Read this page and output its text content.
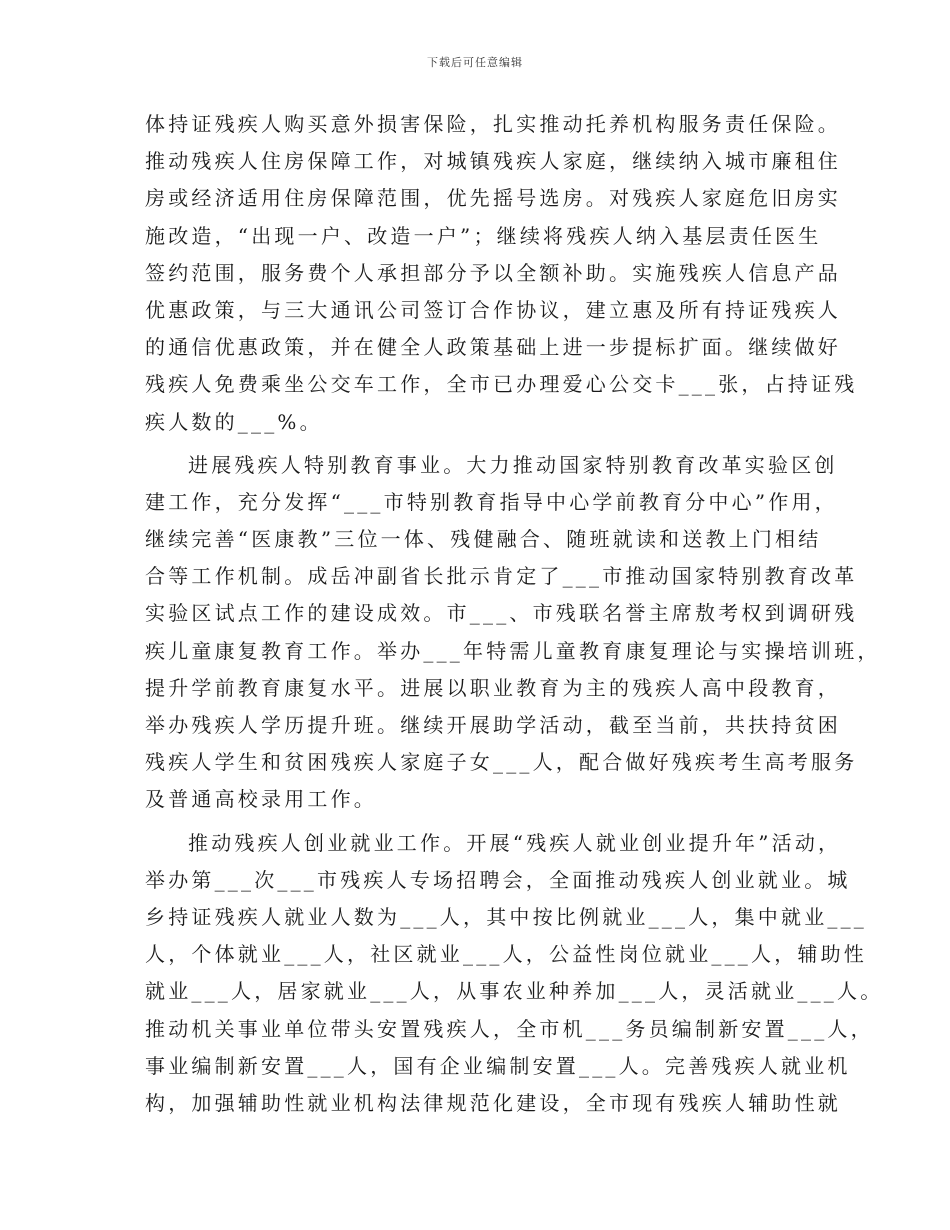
下载后可任意编辑
体持证残疾人购买意外损害保险，扎实推动托养机构服务责任保险。
推动残疾人住房保障工作，对城镇残疾人家庭，继续纳入城市廉租住
房或经济适用住房保障范围，优先摇号选房。对残疾人家庭危旧房实
施改造，“出现一户、改造一户”；继续将残疾人纳入基层责任医生
签约范围，服务费个人承担部分予以全额补助。实施残疾人信息产品
优惠政策，与三大通讯公司签订合作协议，建立惠及所有持证残疾人
的通信优惠政策，并在健全人政策基础上进一步提标扩面。继续做好
残疾人免费乘坐公交车工作，全市已办理爱心公交卡___张，占持证残
疾人数的___%。
进展残疾人特别教育事业。大力推动国家特别教育改革实验区创
建工作，充分发挥“___市特别教育指导中心学前教育分中心”作用，
继续完善“医康教”三位一体、残健融合、随班就读和送教上门相结
合等工作机制。成岳冲副省长批示肯定了___市推动国家特别教育改革
实验区试点工作的建设成效。市___、市残联名誉主席敖考权到调研残
疾儿童康复教育工作。举办___年特需儿童教育康复理论与实操培训班，
提升学前教育康复水平。进展以职业教育为主的残疾人高中段教育，
举办残疾人学历提升班。继续开展助学活动，截至当前，共扶持贫困
残疾人学生和贫困残疾人家庭子女___人，配合做好残疾考生高考服务
及普通高校录用工作。
推动残疾人创业就业工作。开展“残疾人就业创业提升年”活动，
举办第___次___市残疾人专场招聘会，全面推动残疾人创业就业。城
乡持证残疾人就业人数为___人，其中按比例就业___人，集中就业___
人，个体就业___人，社区就业___人，公益性岗位就业___人，辅助性
就业___人，居家就业___人，从事农业种养加___人，灵活就业___人。
推动机关事业单位带头安置残疾人，全市机___务员编制新安置___人，
事业编制新安置___人，国有企业编制安置___人。完善残疾人就业机
构，加强辅助性就业机构法律规范化建设，全市现有残疾人辅助性就
